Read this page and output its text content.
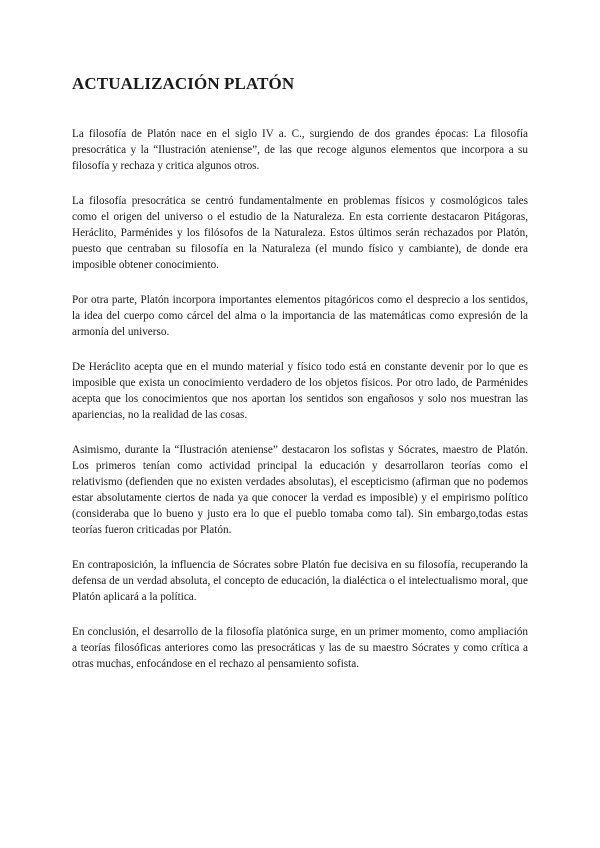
ACTUALIZACIÓN PLATÓN

La filosofía de Platón nace en el siglo IV a. C., surgiendo de dos grandes épocas: La filosofía presocrática y la “Ilustración ateniense”, de las que recoge algunos elementos que incorpora a su filosofía y rechaza y critica algunos otros.

La filosofía presocrática se centró fundamentalmente en problemas físicos y cosmológicos tales como el origen del universo o el estudio de la Naturaleza. En esta corriente destacaron Pitágoras, Heráclito, Parménides y los filósofos de la Naturaleza. Estos últimos serán rechazados por Platón, puesto que centraban su filosofía en la Naturaleza (el mundo físico y cambiante), de donde era imposible obtener conocimiento.

Por otra parte, Platón incorpora importantes elementos pitagóricos como el desprecio a los sentidos, la idea del cuerpo como cárcel del alma o la importancia de las matemáticas como expresión de la armonía del universo.

De Heráclito acepta que en el mundo material y físico todo está en constante devenir por lo que es imposible que exista un conocimiento verdadero de los objetos físicos. Por otro lado, de Parménides acepta que los conocimientos que nos aportan los sentidos son engañosos y solo nos muestran las apariencias, no la realidad de las cosas.

Asimismo, durante la “Ilustración ateniense” destacaron los sofistas y Sócrates, maestro de Platón. Los primeros tenían como actividad principal la educación y desarrollaron teorías como el relativismo (defienden que no existen verdades absolutas), el escepticismo (afirman que no podemos estar absolutamente ciertos de nada ya que conocer la verdad es imposible) y el empirismo político (consideraba que lo bueno y justo era lo que el pueblo tomaba como tal). Sin embargo,todas estas teorías fueron criticadas por Platón.

En contraposición, la influencia de Sócrates sobre Platón fue decisiva en su filosofía, recuperando la defensa de un verdad absoluta, el concepto de educación, la dialéctica o el intelectualismo moral, que Platón aplicará a la política.

En conclusión, el desarrollo de la filosofía platónica surge, en un primer momento, como ampliación a teorías filosóficas anteriores como las presocráticas y las de su maestro Sócrates y como crítica a otras muchas, enfocándose en el rechazo al pensamiento sofista.
